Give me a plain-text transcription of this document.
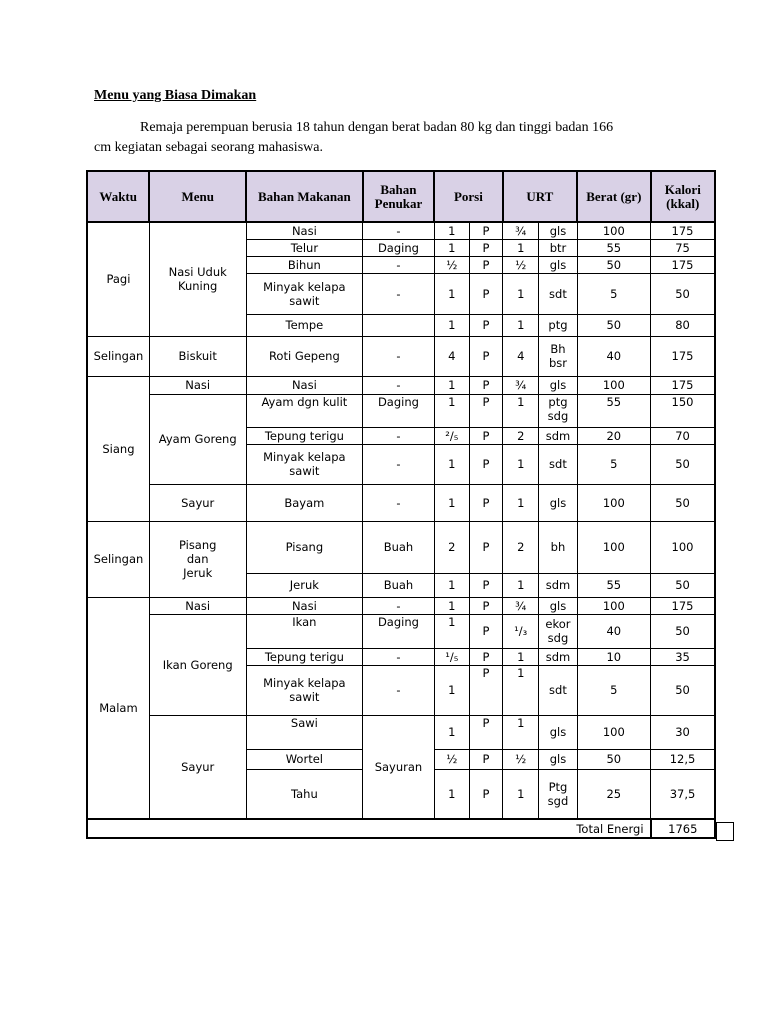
Menu yang Biasa Dimakan
Remaja perempuan berusia 18 tahun dengan berat badan 80 kg dan tinggi badan 166
cm kegiatan sebagai seorang mahasiswa.
Waktu	Menu	Bahan Makanan	Bahan Penukar	Porsi		URT		Berat (gr)	Kalori (kkal)
Pagi	Nasi Uduk Kuning	Nasi	-	1	P	¾	gls	100	175
		Telur	Daging	1	P	1	btr	55	75
		Bihun	-	½	P	½	gls	50	175
		Minyak kelapa sawit	-	1	P	1	sdt	5	50
		Tempe		1	P	1	ptg	50	80
Selingan	Biskuit	Roti Gepeng	-	4	P	4	Bh bsr	40	175
Siang	Nasi	Nasi	-	1	P	¾	gls	100	175
	Ayam Goreng	Ayam dgn kulit	Daging	1	P	1	ptg sdg	55	150
		Tepung terigu	-	²/₅	P	2	sdm	20	70
		Minyak kelapa sawit	-	1	P	1	sdt	5	50
	Sayur	Bayam	-	1	P	1	gls	100	50
Selingan	Pisang dan Jeruk	Pisang	Buah	2	P	2	bh	100	100
		Jeruk	Buah	1	P	1	sdm	55	50
Malam	Nasi	Nasi	-	1	P	¾	gls	100	175
	Ikan Goreng	Ikan	Daging	1	P	¹/₃	ekor sdg	40	50
		Tepung terigu	-	¹/₅	P	1	sdm	10	35
		Minyak kelapa sawit	-	1	P	1	sdt	5	50
	Sayur	Sawi	Sayuran	1	P	1	gls	100	30
		Wortel		½	P	½	gls	50	12,5
		Tahu		1	P	1	Ptg sgd	25	37,5
Total Energi									1765
